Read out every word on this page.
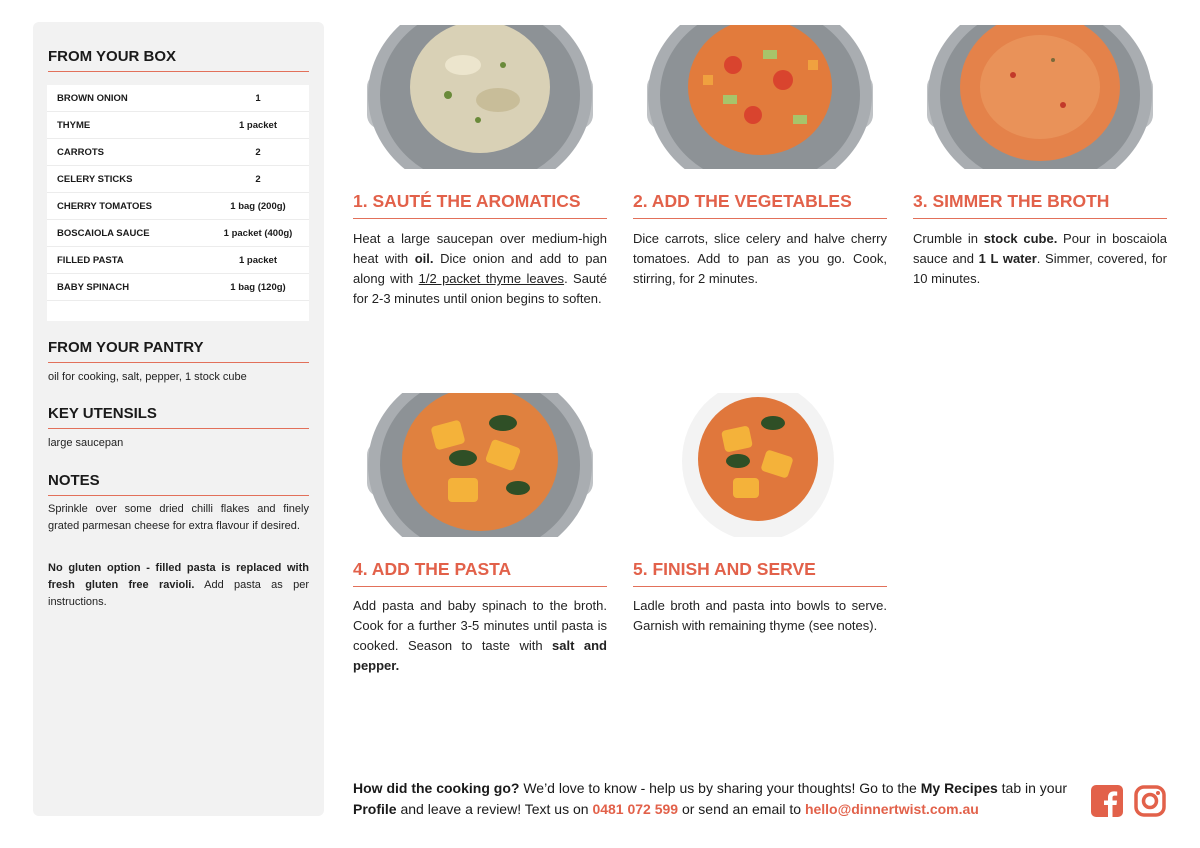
FROM YOUR BOX
BROWN ONION	1
THYME	1 packet
CARROTS	2
CELERY STICKS	2
CHERRY TOMATOES	1 bag (200g)
BOSCAIOLA SAUCE	1 packet (400g)
FILLED PASTA	1 packet
BABY SPINACH	1 bag (120g)

FROM YOUR PANTRY

oil for cooking, salt, pepper, 1 stock cube

KEY UTENSILS

large saucepan

NOTES

Sprinkle over some dried chilli flakes and finely grated parmesan cheese for extra flavour if desired.

No gluten option - filled pasta is replaced with fresh gluten free ravioli. Add pasta as per instructions.

1. SAUTÉ THE AROMATICS	2. ADD THE VEGETABLES	3. SIMMER THE BROTH
4. ADD THE PASTA	5. FINISH AND SERVE

Heat a large saucepan over medium-high heat with oil. Dice onion and add to pan along with 1/2 packet thyme leaves. Sauté for 2-3 minutes until onion begins to soften.

Dice carrots, slice celery and halve cherry tomatoes. Add to pan as you go. Cook, stirring, for 2 minutes.

Crumble in stock cube. Pour in boscaiola sauce and 1 L water. Simmer, covered, for 10 minutes.

Add pasta and baby spinach to the broth. Cook for a further 3-5 minutes until pasta is cooked. Season to taste with salt and pepper.

Ladle broth and pasta into bowls to serve. Garnish with remaining thyme (see notes).

How did the cooking go? We’d love to know - help us by sharing your thoughts! Go to the My Recipes tab in your Profile and leave a review! Text us on 0481 072 599 or send an email to hello@dinnertwist.com.au
